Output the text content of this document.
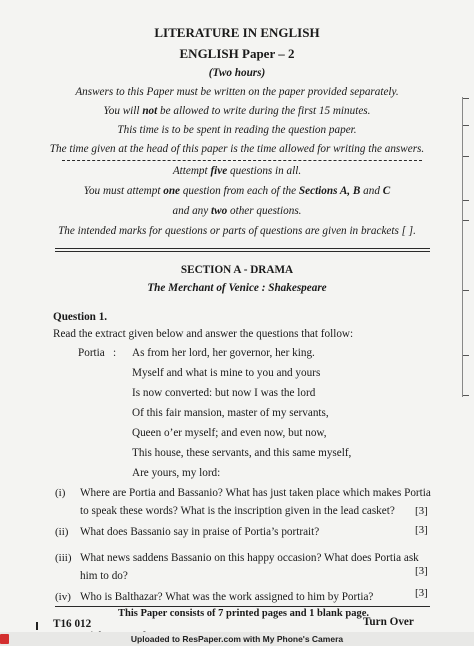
LITERATURE IN ENGLISH
ENGLISH Paper – 2
(Two hours)
Answers to this Paper must be written on the paper provided separately.
You will not be allowed to write during the first 15 minutes.
This time is to be spent in reading the question paper.
The time given at the head of this paper is the time allowed for writing the answers.
Attempt five questions in all.
You must attempt one question from each of the Sections A, B and C
and any two other questions.
The intended marks for questions or parts of questions are given in brackets [ ].
SECTION A - DRAMA
The Merchant of Venice : Shakespeare
Question 1.
Read the extract given below and answer the questions that follow:
Portia : As from her lord, her governor, her king.
Myself and what is mine to you and yours
Is now converted: but now I was the lord
Of this fair mansion, master of my servants,
Queen o’er myself; and even now, but now,
This house, these servants, and this same myself,
Are yours, my lord:
(i) Where are Portia and Bassanio? What has just taken place which makes Portia
to speak these words? What is the inscription given in the lead casket? [3]
(ii) What does Bassanio say in praise of Portia’s portrait?	[3]
(iii) What news saddens Bassanio on this happy occasion? What does Portia ask
him to do?	[3]
(iv) Who is Balthazar? What was the work assigned to him by Portia?	[3]
This Paper consists of 7 printed pages and 1 blank page.
T16 012	Turn Over
Uploaded to ResPaper.com with My Phone's Camera
